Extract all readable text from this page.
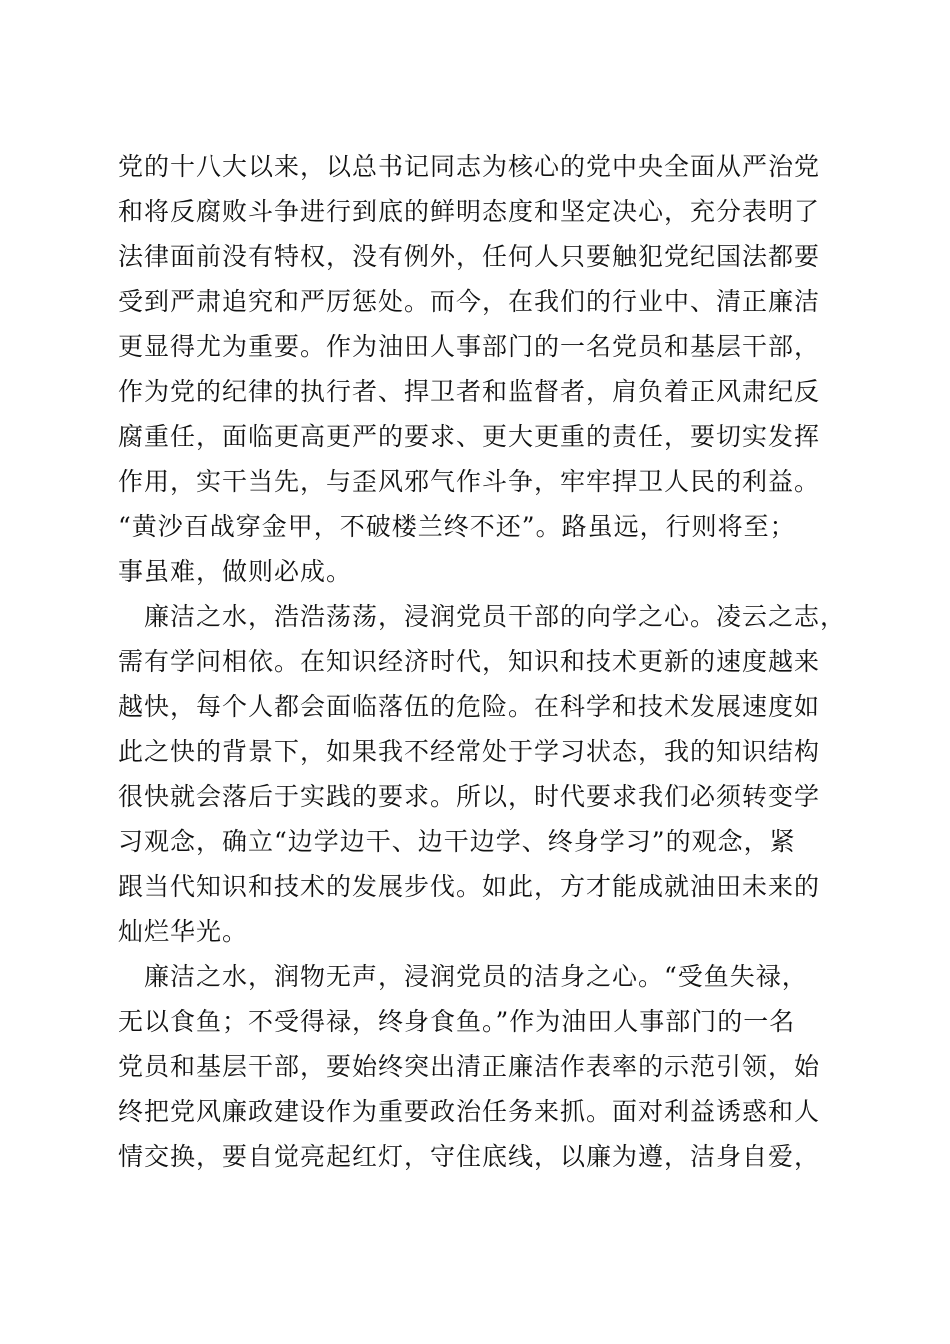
党的十八大以来，以总书记同志为核心的党中央全面从严治党
和将反腐败斗争进行到底的鲜明态度和坚定决心，充分表明了
法律面前没有特权，没有例外，任何人只要触犯党纪国法都要
受到严肃追究和严厉惩处。而今，在我们的行业中、清正廉洁
更显得尤为重要。作为油田人事部门的一名党员和基层干部，
作为党的纪律的执行者、捍卫者和监督者，肩负着正风肃纪反
腐重任，面临更高更严的要求、更大更重的责任，要切实发挥
作用，实干当先，与歪风邪气作斗争，牢牢捍卫人民的利益。
“黄沙百战穿金甲，不破楼兰终不还”。路虽远，行则将至；
事虽难，做则必成。
　廉洁之水，浩浩荡荡，浸润党员干部的向学之心。凌云之志，
需有学问相依。在知识经济时代，知识和技术更新的速度越来
越快，每个人都会面临落伍的危险。在科学和技术发展速度如
此之快的背景下，如果我不经常处于学习状态，我的知识结构
很快就会落后于实践的要求。所以，时代要求我们必须转变学
习观念，确立“边学边干、边干边学、终身学习”的观念，紧
跟当代知识和技术的发展步伐。如此，方才能成就油田未来的
灿烂华光。
　廉洁之水，润物无声，浸润党员的洁身之心。“受鱼失禄，
无以食鱼；不受得禄，终身食鱼。”作为油田人事部门的一名
党员和基层干部，要始终突出清正廉洁作表率的示范引领，始
终把党风廉政建设作为重要政治任务来抓。面对利益诱惑和人
情交换，要自觉亮起红灯，守住底线，以廉为遵，洁身自爱，
